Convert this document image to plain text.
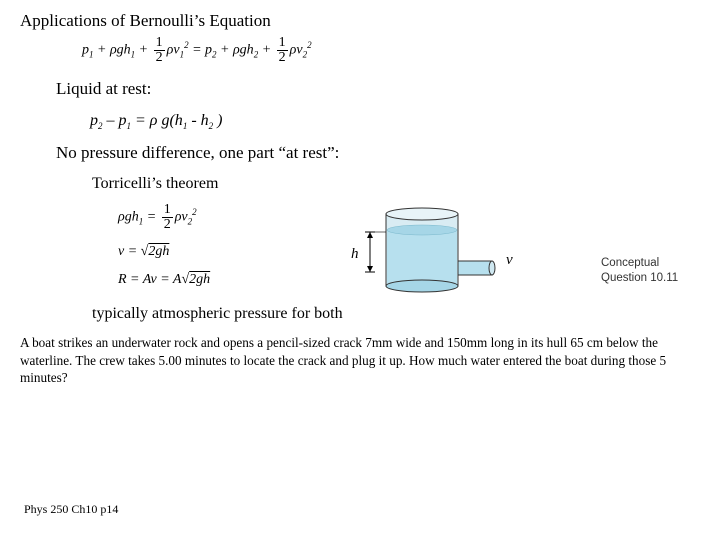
Applications of Bernoulli’s Equation
$p_1 + \rho gh_1 + \frac{1}{2} \rho v_1^2 = p_2 + \rho gh_2 + \frac{1}{2} \rho v_2^2$
Liquid at rest:
$p_2 - p_1 = \rho$ $g(h_1 - h_2$ )
No pressure difference, one part “at rest”:
Torricelli’s theorem
$\rho gh_1 = \frac{1}{2} \rho v_2^2$
v = √2gh
R = Av = A√2gh
h	v	Conceptual
Question 10.11
typically atmospheric pressure for both
A boat strikes an underwater rock and opens a pencil-sized crack 7mm wide and 150mm long in its hull 65 cm below the waterline. The crew takes 5.00 minutes to locate the crack and plug it up. How much water entered the boat during those 5 minutes?
Phys 250 Ch10 p14
